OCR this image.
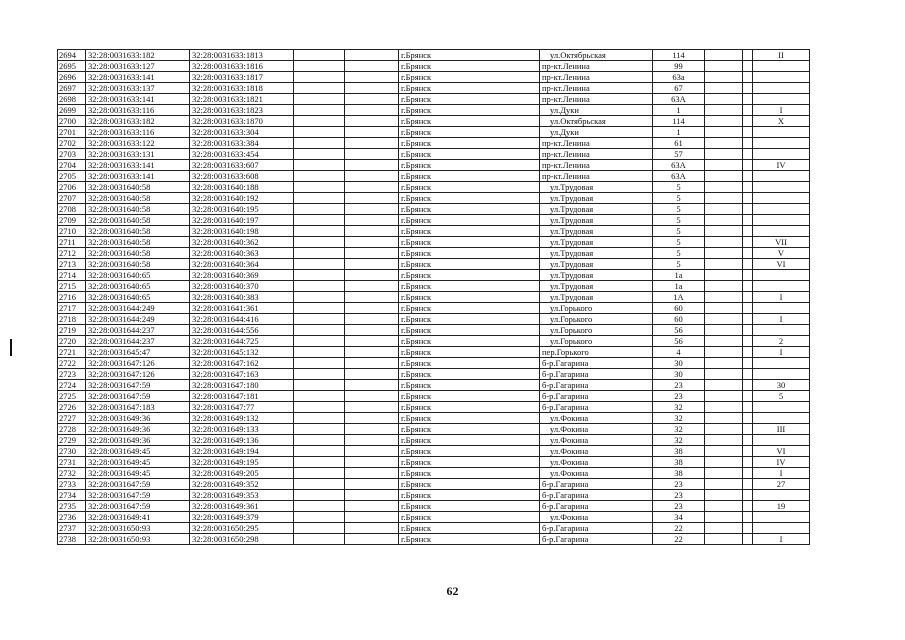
2694	32:28:0031633:182	32:28:0031633:1813			г.Брянск	ул.Октябрьская	114			II
2695	32:28:0031633:127	32:28:0031633:1816			г.Брянск	пр-кт.Ленина	99			
2696	32:28:0031633:141	32:28:0031633:1817			г.Брянск	пр-кт.Ленина	63а			
2697	32:28:0031633:137	32:28:0031633:1818			г.Брянск	пр-кт.Ленина	67			
2698	32:28:0031633:141	32:28:0031633:1821			г.Брянск	пр-кт.Ленина	63А			
2699	32:28:0031633:116	32:28:0031633:1823			г.Брянск	ул.Дуки	1			I
2700	32:28:0031633:182	32:28:0031633:1870			г.Брянск	ул.Октябрьская	114			X
2701	32:28:0031633:116	32:28:0031633:304			г.Брянск	ул.Дуки	1			
2702	32:28:0031633:122	32:28:0031633:384			г.Брянск	пр-кт.Ленина	61			
2703	32:28:0031633:131	32:28:0031633:454			г.Брянск	пр-кт.Ленина	57			
2704	32:28:0031633:141	32:28:0031633:607			г.Брянск	пр-кт.Ленина	63А			IV
2705	32:28:0031633:141	32:28:0031633:608			г.Брянск	пр-кт.Ленина	63А			
2706	32:28:0031640:58	32:28:0031640:188			г.Брянск	ул.Трудовая	5			
2707	32:28:0031640:58	32:28:0031640:192			г.Брянск	ул.Трудовая	5			
2708	32:28:0031640:58	32:28:0031640:195			г.Брянск	ул.Трудовая	5			
2709	32:28:0031640:58	32:28:0031640:197			г.Брянск	ул.Трудовая	5			
2710	32:28:0031640:58	32:28:0031640:198			г.Брянск	ул.Трудовая	5			
2711	32:28:0031640:58	32:28:0031640:362			г.Брянск	ул.Трудовая	5			VII
2712	32:28:0031640:58	32:28:0031640:363			г.Брянск	ул.Трудовая	5			V
2713	32:28:0031640:58	32:28:0031640:364			г.Брянск	ул.Трудовая	5			VI
2714	32:28:0031640:65	32:28:0031640:369			г.Брянск	ул.Трудовая	1а			
2715	32:28:0031640:65	32:28:0031640:370			г.Брянск	ул.Трудовая	1а			
2716	32:28:0031640:65	32:28:0031640:383			г.Брянск	ул.Трудовая	1А			I
2717	32:28:0031644:249	32:28:0031641:361			г.Брянск	ул.Горького	60			
2718	32:28:0031644:249	32:28:0031644:416			г.Брянск	ул.Горького	60			I
2719	32:28:0031644:237	32:28:0031644:556			г.Брянск	ул.Горького	56			
2720	32:28:0031644:237	32:28:0031644:725			г.Брянск	ул.Горького	56			2
2721	32:28:0031645:47	32:28:0031645:132			г.Брянск	пер.Горького	4			I
2722	32:28:0031647:126	32:28:0031647:162			г.Брянск	б-р.Гагарина	30			
2723	32:28:0031647:126	32:28:0031647:163			г.Брянск	б-р.Гагарина	30			
2724	32:28:0031647:59	32:28:0031647:180			г.Брянск	б-р.Гагарина	23			30
2725	32:28:0031647:59	32:28:0031647:181			г.Брянск	б-р.Гагарина	23			5
2726	32:28:0031647:183	32:28:0031647:77			г.Брянск	б-р.Гагарина	32			
2727	32:28:0031649:36	32:28:0031649:132			г.Брянск	ул.Фокина	32			
2728	32:28:0031649:36	32:28:0031649:133			г.Брянск	ул.Фокина	32			III
2729	32:28:0031649:36	32:28:0031649:136			г.Брянск	ул.Фокина	32			
2730	32:28:0031649:45	32:28:0031649:194			г.Брянск	ул.Фокина	38			VI
2731	32:28:0031649:45	32:28:0031649:195			г.Брянск	ул.Фокина	38			IV
2732	32:28:0031649:45	32:28:0031649:205			г.Брянск	ул.Фокина	38			I
2733	32:28:0031647:59	32:28:0031649:352			г.Брянск	б-р.Гагарина	23			27
2734	32:28:0031647:59	32:28:0031649:353			г.Брянск	б-р.Гагарина	23			
2735	32:28:0031647:59	32:28:0031649:361			г.Брянск	б-р.Гагарина	23			19
2736	32:28:0031649:41	32:28:0031649:379			г.Брянск	ул.Фокина	34			
2737	32:28:0031650:93	32:28:0031650:295			г.Брянск	б-р.Гагарина	22			
2738	32:28:0031650:93	32:28:0031650:298			г.Брянск	б-р.Гагарина	22			I
62
